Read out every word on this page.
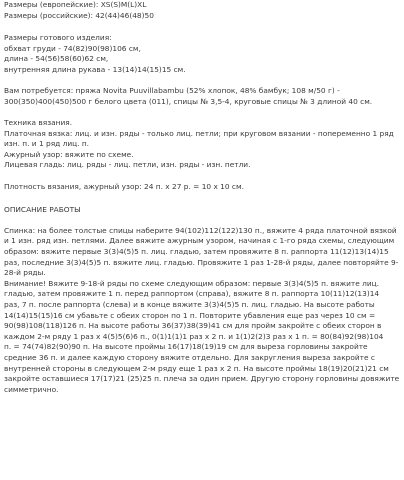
Размеры (европейские): XS(S)M(L)XL
Размеры (российские): 42(44)46(48)50
Размеры готового изделия:
обхват груди - 74(82)90(98)106 см,
длина - 54(56)58(60)62 см,
внутренняя длина рукава - 13(14)14(15)15 см.
Вам потребуется: пряжа Novita Puuvillabambu (52% хлопок, 48% бамбук; 108 м/50 г) -
300(350)400(450)500 г белого цвета (011), спицы № 3,5-4, круговые спицы № 3 длиной 40 см.
Техника вязания.
Платочная вязка: лиц. и изн. ряды - только лиц. петли; при круговом вязании - попеременно 1 ряд
изн. п. и 1 ряд лиц. п.
Ажурный узор: вяжите по схеме.
Лицевая гладь: лиц. ряды - лиц. петли, изн. ряды - изн. петли.
Плотность вязания, ажурный узор: 24 п. х 27 р. = 10 х 10 см.
ОПИСАНИЕ РАБОТЫ
Спинка: на более толстые спицы наберите 94(102)112(122)130 п., вяжите 4 ряда платочной вязкой
и 1 изн. ряд изн. петлями. Далее вяжите ажурным узором, начиная с 1-го ряда схемы, следующим
образом: вяжите первые 3(3)4(5)5 п. лиц. гладью, затем провяжите 8 п. раппорта 11(12)13(14)15
раз, последние 3(3)4(5)5 п. вяжите лиц. гладью. Провяжите 1 раз 1-28-й ряды, далее повторяйте 9-
28-й ряды.
Внимание! Вяжите 9-18-й ряды по схеме следующим образом: первые 3(3)4(5)5 п. вяжите лиц.
гладью, затем провяжите 1 п. перед раппортом (справа), вяжите 8 п. раппорта 10(11)12(13)14
раз, 7 п. после раппорта (слева) и в конце вяжите 3(3)4(5)5 п. лиц. гладью. На высоте работы
14(14)15(15)16 см убавьте с обеих сторон по 1 п. Повторите убавления еще раз через 10 см =
90(98)108(118)126 п. На высоте работы 36(37)38(39)41 см для пройм закройте с обеих сторон в
каждом 2-м ряду 1 раз х 4(5)5(6)6 п., 0(1)1(1)1 раз х 2 п. и 1(1)2(2)3 раз х 1 п. = 80(84)92(98)104
п. = 74(74)82(90)90 п. На высоте проймы 16(17)18(19)19 см для выреза горловины закройте
средние 36 п. и далее каждую сторону вяжите отдельно. Для закругления выреза закройте с
внутренней стороны в следующем 2-м ряду еще 1 раз х 2 п. На высоте проймы 18(19)20(21)21 см
закройте оставшиеся 17(17)21 (25)25 п. плеча за один прием. Другую сторону горловины довяжите
симметрично.
